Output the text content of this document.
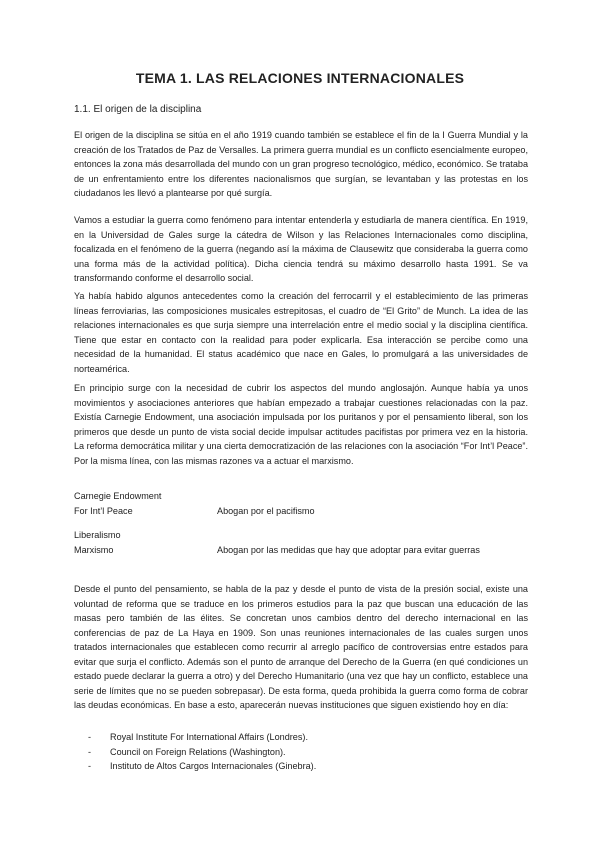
TEMA 1. LAS RELACIONES INTERNACIONALES
1.1. El origen de la disciplina

El origen de la disciplina se sitúa en el año 1919 cuando también se establece el fin de la I Guerra Mundial y la creación de los Tratados de Paz de Versalles. La primera guerra mundial es un conflicto esencialmente europeo, entonces la zona más desarrollada del mundo con un gran progreso tecnológico, médico, económico. Se trataba de un enfrentamiento entre los diferentes nacionalismos que surgían, se levantaban y las protestas en los ciudadanos les llevó a plantearse por qué surgía.

Vamos a estudiar la guerra como fenómeno para intentar entenderla y estudiarla de manera científica. En 1919, en la Universidad de Gales surge la cátedra de Wilson y las Relaciones Internacionales como disciplina, focalizada en el fenómeno de la guerra (negando así la máxima de Clausewitz que consideraba la guerra como una forma más de la actividad política). Dicha ciencia tendrá su máximo desarrollo hasta 1991. Se va transformando conforme el desarrollo social.

Ya había habido algunos antecedentes como la creación del ferrocarril y el establecimiento de las primeras líneas ferroviarias, las composiciones musicales estrepitosas, el cuadro de “El Grito” de Munch. La idea de las relaciones internacionales es que surja siempre una interrelación entre el medio social y la disciplina científica. Tiene que estar en contacto con la realidad para poder explicarla. Esa interacción se percibe como una necesidad de la humanidad. El status académico que nace en Gales, lo promulgará a las universidades de norteamérica.

En principio surge con la necesidad de cubrir los aspectos del mundo anglosajón. Aunque había ya unos movimientos y asociaciones anteriores que habían empezado a trabajar cuestiones relacionadas con la paz. Existía Carnegie Endowment, una asociación impulsada por los puritanos y por el pensamiento liberal, son los primeros que desde un punto de vista social decide impulsar actitudes pacifistas por primera vez en la historia. La reforma democrática militar y una cierta democratización de las relaciones con la asociación “For Int’l Peace”. Por la misma línea, con las mismas razones va a actuar el marxismo.

Carnegie Endowment
For Int’l Peace	Abogan por el pacifismo
Liberalismo
Marxismo	Abogan por las medidas que hay que adoptar para evitar guerras

Desde el punto del pensamiento, se habla de la paz y desde el punto de vista de la presión social, existe una voluntad de reforma que se traduce en los primeros estudios para la paz que buscan una educación de las masas pero también de las élites. Se concretan unos cambios dentro del derecho internacional en las conferencias de paz de La Haya en 1909. Son unas reuniones internacionales de las cuales surgen unos tratados internacionales que establecen como recurrir al arreglo pacífico de controversias entre estados para evitar que surja el conflicto. Además son el punto de arranque del Derecho de la Guerra (en qué condiciones un estado puede declarar la guerra a otro) y del Derecho Humanitario (una vez que hay un conflicto, establece una serie de límites que no se pueden sobrepasar). De esta forma, queda prohibida la guerra como forma de cobrar las deudas económicas. En base a esto, aparecerán nuevas instituciones que siguen existiendo hoy en día:

- Royal Institute For International Affairs (Londres).
- Council on Foreign Relations (Washington).
- Instituto de Altos Cargos Internacionales (Ginebra).
